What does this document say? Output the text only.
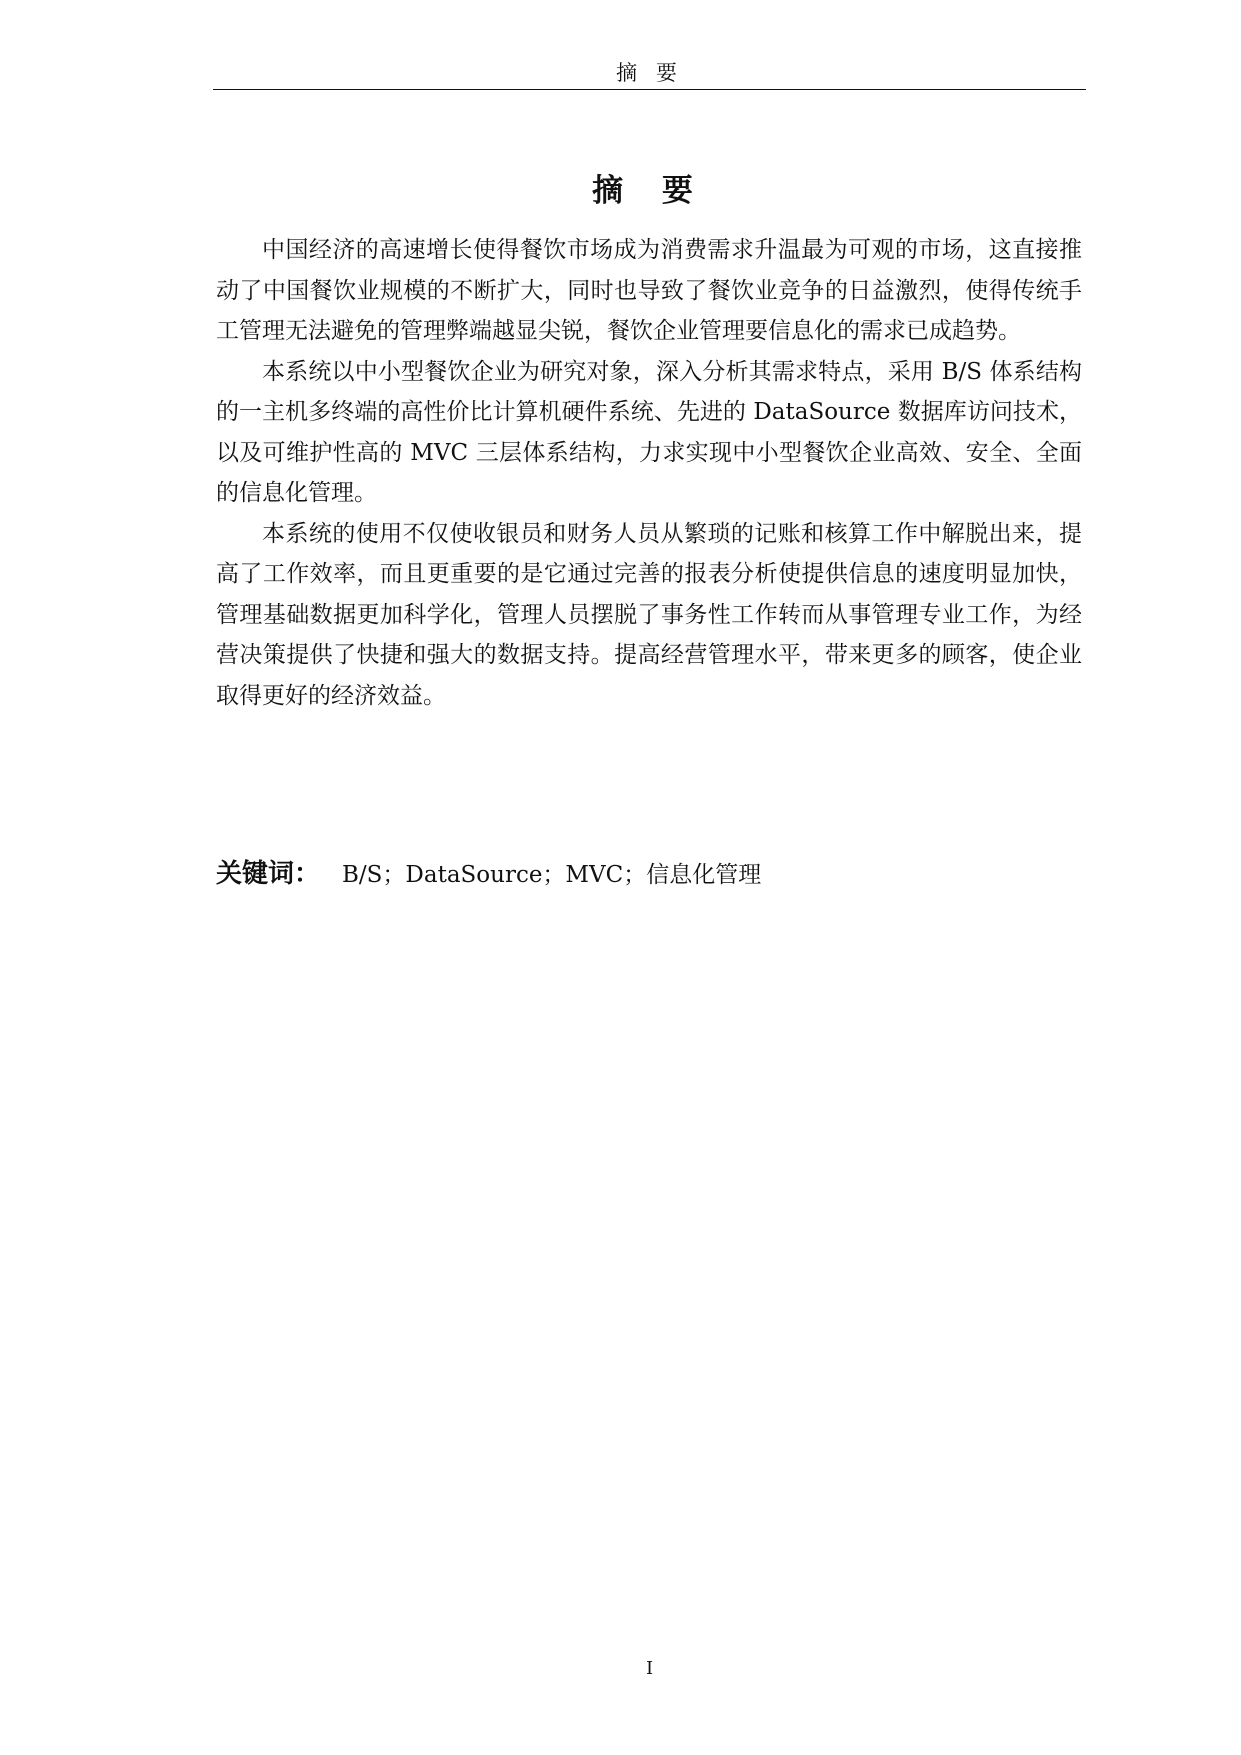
摘 要
摘 要

中国经济的高速增长使得餐饮市场成为消费需求升温最为可观的市场，这直接推动了中国餐饮业规模的不断扩大，同时也导致了餐饮业竞争的日益激烈，使得传统手工管理无法避免的管理弊端越显尖锐，餐饮企业管理要信息化的需求已成趋势。

本系统以中小型餐饮企业为研究对象，深入分析其需求特点，采用 B/S 体系结构的一主机多终端的高性价比计算机硬件系统、先进的 DataSource 数据库访问技术，以及可维护性高的 MVC 三层体系结构，力求实现中小型餐饮企业高效、安全、全面的信息化管理。

本系统的使用不仅使收银员和财务人员从繁琐的记账和核算工作中解脱出来，提高了工作效率，而且更重要的是它通过完善的报表分析使提供信息的速度明显加快，管理基础数据更加科学化，管理人员摆脱了事务性工作转而从事管理专业工作，为经营决策提供了快捷和强大的数据支持。提高经营管理水平，带来更多的顾客，使企业取得更好的经济效益。

关键词： B/S；DataSource；MVC；信息化管理
I
